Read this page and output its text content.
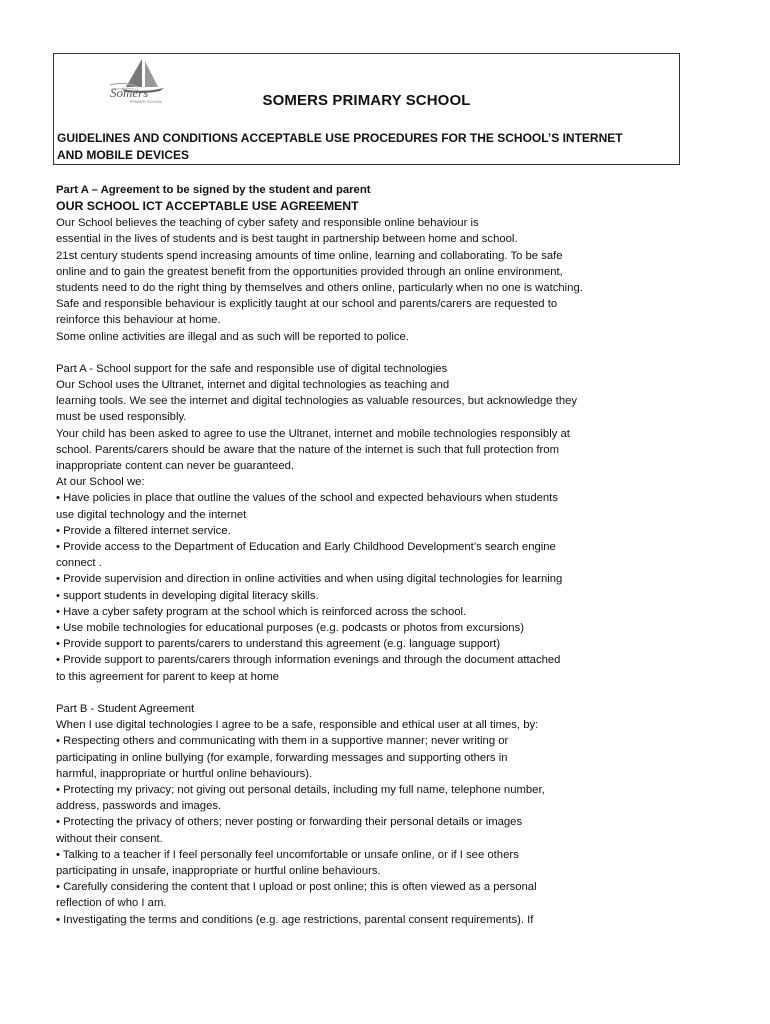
Somers
PRIMARY SCHOOL	SOMERS PRIMARY SCHOOL
GUIDELINES AND CONDITIONS ACCEPTABLE USE PROCEDURES FOR THE SCHOOL’S INTERNET
AND MOBILE DEVICES

Part A – Agreement to be signed by the student and parent

OUR SCHOOL ICT ACCEPTABLE USE AGREEMENT

Our School believes the teaching of cyber safety and responsible online behaviour is

essential in the lives of students and is best taught in partnership between home and school.

21st century students spend increasing amounts of time online, learning and collaborating. To be safe

online and to gain the greatest benefit from the opportunities provided through an online environment,

students need to do the right thing by themselves and others online, particularly when no one is watching.

Safe and responsible behaviour is explicitly taught at our school and parents/carers are requested to

reinforce this behaviour at home.

Some online activities are illegal and as such will be reported to police.

Part A - School support for the safe and responsible use of digital technologies

Our School uses the Ultranet, internet and digital technologies as teaching and

learning tools. We see the internet and digital technologies as valuable resources, but acknowledge they

must be used responsibly.

Your child has been asked to agree to use the Ultranet, internet and mobile technologies responsibly at

school. Parents/carers should be aware that the nature of the internet is such that full protection from

inappropriate content can never be guaranteed.

At our School we:

• Have policies in place that outline the values of the school and expected behaviours when students

use digital technology and the internet

• Provide a filtered internet service.

• Provide access to the Department of Education and Early Childhood Development’s search engine

connect .

• Provide supervision and direction in online activities and when using digital technologies for learning

• support students in developing digital literacy skills.

• Have a cyber safety program at the school which is reinforced across the school.

• Use mobile technologies for educational purposes (e.g. podcasts or photos from excursions)

• Provide support to parents/carers to understand this agreement (e.g. language support)

• Provide support to parents/carers through information evenings and through the document attached

to this agreement for parent to keep at home

Part B - Student Agreement

When I use digital technologies I agree to be a safe, responsible and ethical user at all times, by:

• Respecting others and communicating with them in a supportive manner; never writing or

participating in online bullying (for example, forwarding messages and supporting others in

harmful, inappropriate or hurtful online behaviours).

• Protecting my privacy; not giving out personal details, including my full name, telephone number,

address, passwords and images.

• Protecting the privacy of others; never posting or forwarding their personal details or images

without their consent.

• Talking to a teacher if I feel personally feel uncomfortable or unsafe online, or if I see others

participating in unsafe, inappropriate or hurtful online behaviours.

• Carefully considering the content that I upload or post online; this is often viewed as a personal

reflection of who I am.

• Investigating the terms and conditions (e.g. age restrictions, parental consent requirements). If
